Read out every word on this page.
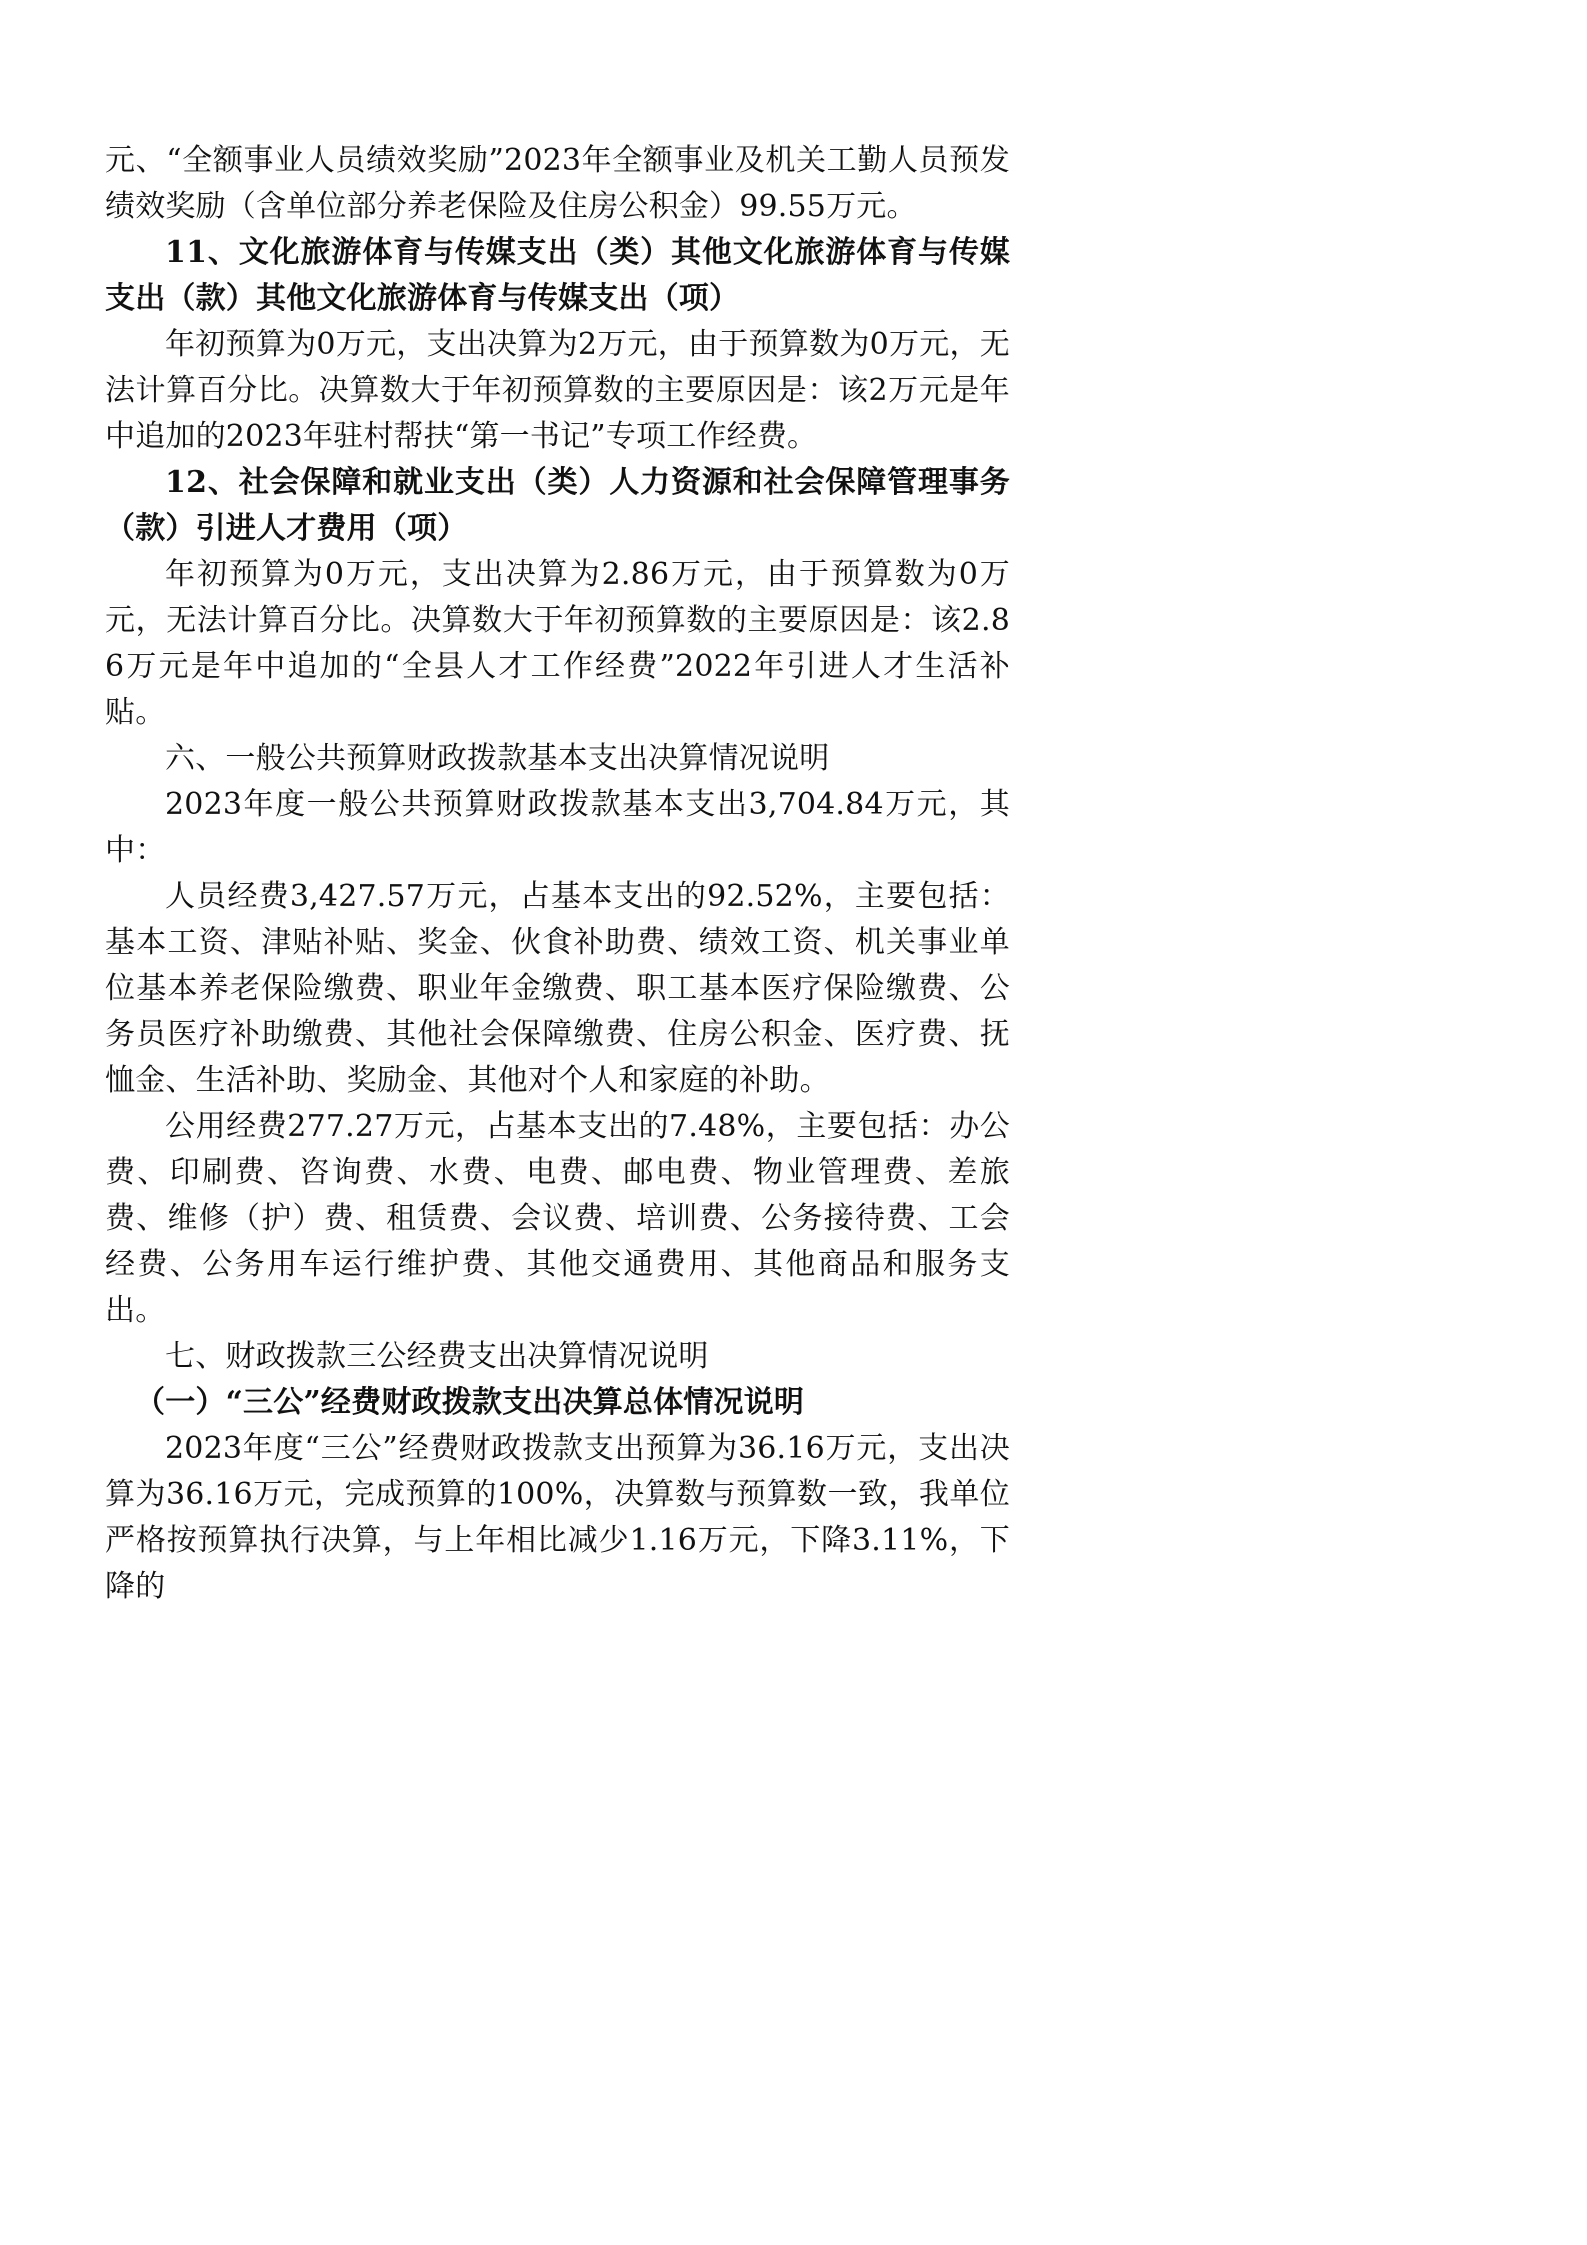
元、“全额事业人员绩效奖励”2023年全额事业及机关工勤人员预发绩效奖励（含单位部分养老保险及住房公积金）99.55万元。

11、文化旅游体育与传媒支出（类）其他文化旅游体育与传媒支出（款）其他文化旅游体育与传媒支出（项）

年初预算为0万元，支出决算为2万元，由于预算数为0万元，无法计算百分比。决算数大于年初预算数的主要原因是：该2万元是年中追加的2023年驻村帮扶“第一书记”专项工作经费。

12、社会保障和就业支出（类）人力资源和社会保障管理事务（款）引进人才费用（项）

年初预算为0万元，支出决算为2.86万元，由于预算数为0万元，无法计算百分比。决算数大于年初预算数的主要原因是：该2.86万元是年中追加的“全县人才工作经费”2022年引进人才生活补贴。

六、一般公共预算财政拨款基本支出决算情况说明

2023年度一般公共预算财政拨款基本支出3,704.84万元，其中：

人员经费3,427.57万元，占基本支出的92.52%，主要包括：基本工资、津贴补贴、奖金、伙食补助费、绩效工资、机关事业单位基本养老保险缴费、职业年金缴费、职工基本医疗保险缴费、公务员医疗补助缴费、其他社会保障缴费、住房公积金、医疗费、抚恤金、生活补助、奖励金、其他对个人和家庭的补助。

公用经费277.27万元，占基本支出的7.48%，主要包括：办公费、印刷费、咨询费、水费、电费、邮电费、物业管理费、差旅费、维修（护）费、租赁费、会议费、培训费、公务接待费、工会经费、公务用车运行维护费、其他交通费用、其他商品和服务支出。

七、财政拨款三公经费支出决算情况说明

（一）“三公”经费财政拨款支出决算总体情况说明

2023年度“三公”经费财政拨款支出预算为36.16万元，支出决算为36.16万元，完成预算的100%，决算数与预算数一致，我单位严格按预算执行决算，与上年相比减少1.16万元，下降3.11%，下降的
